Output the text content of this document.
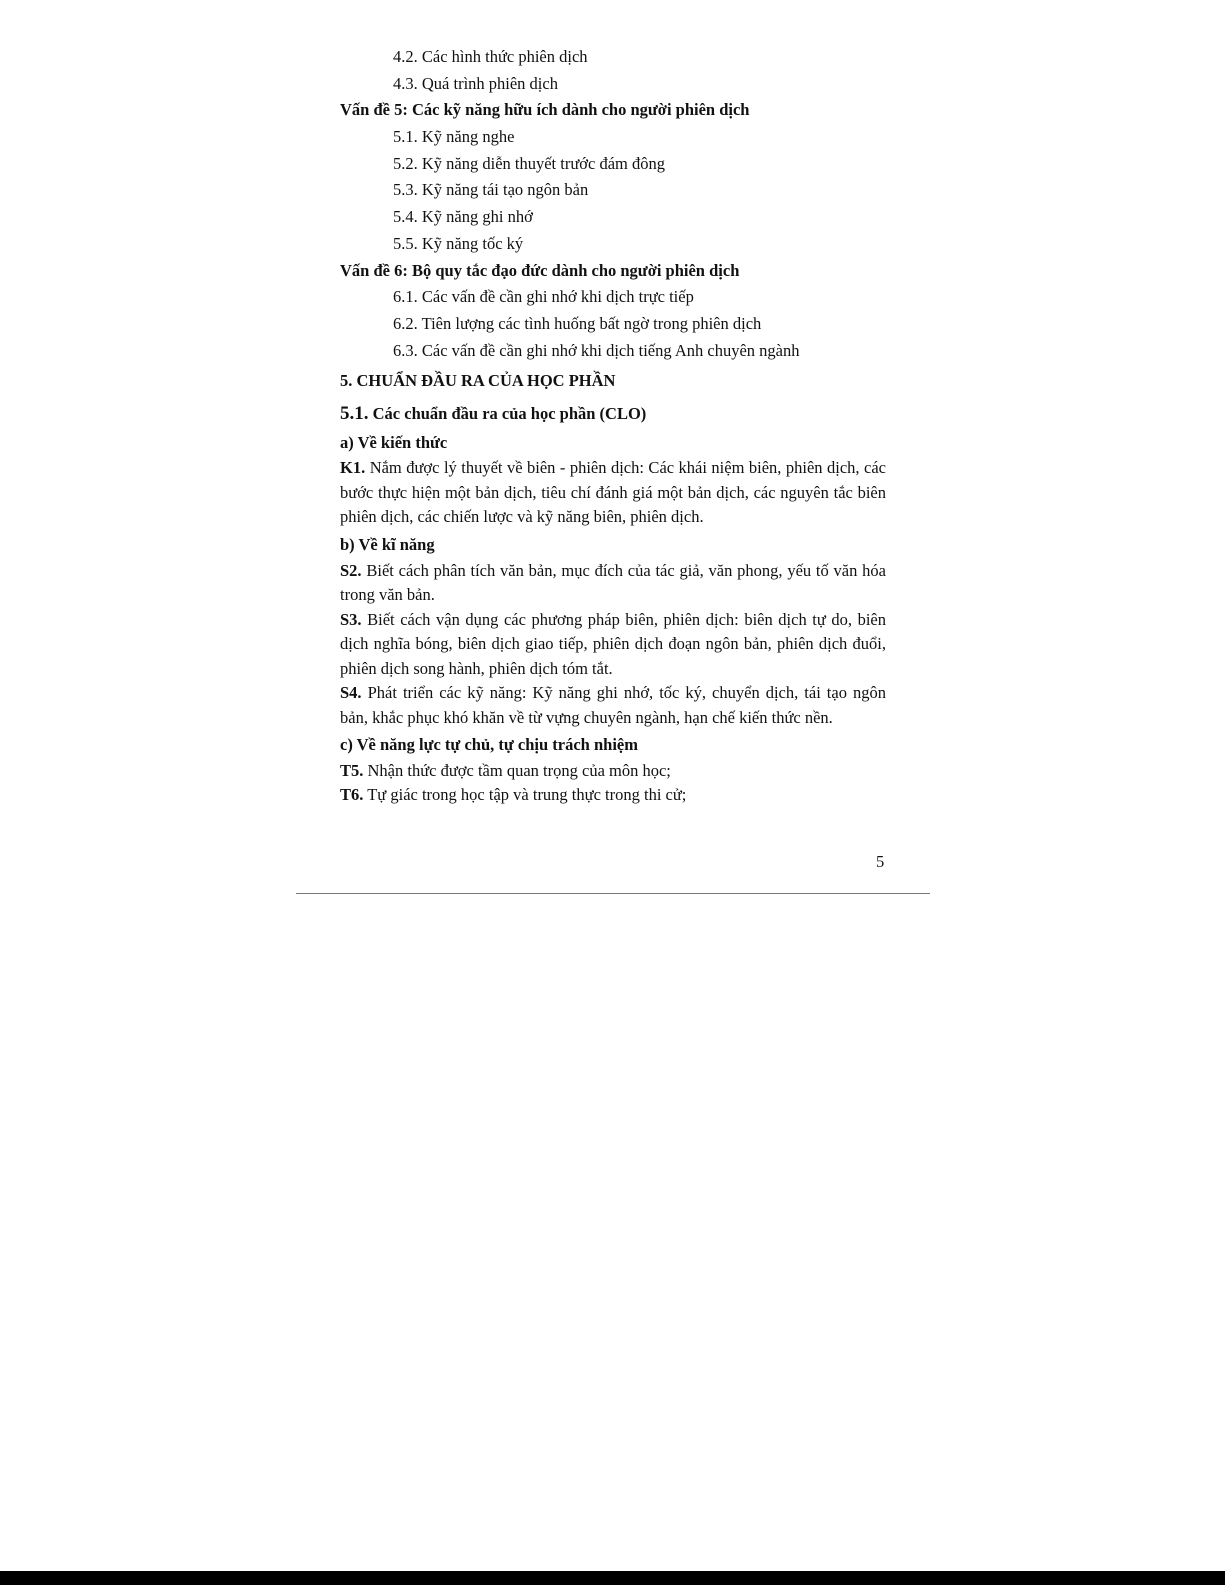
4.2. Các hình thức phiên dịch
4.3. Quá trình phiên dịch
Vấn đề 5: Các kỹ năng hữu ích dành cho người phiên dịch
5.1. Kỹ năng nghe
5.2. Kỹ năng diễn thuyết trước đám đông
5.3. Kỹ năng tái tạo ngôn bản
5.4. Kỹ năng ghi nhớ
5.5. Kỹ năng tốc ký
Vấn đề 6: Bộ quy tắc đạo đức dành cho người phiên dịch
6.1. Các vấn đề cần ghi nhớ khi dịch trực tiếp
6.2. Tiên lượng các tình huống bất ngờ trong phiên dịch
6.3. Các vấn đề cần ghi nhớ khi dịch tiếng Anh chuyên ngành
5. CHUẨN ĐẦU RA CỦA HỌC PHẦN
5.1. Các chuẩn đầu ra của học phần (CLO)
a) Về kiến thức

K1. Nắm được lý thuyết về biên - phiên dịch: Các khái niệm biên, phiên dịch, các bước thực hiện một bản dịch, tiêu chí đánh giá một bản dịch, các nguyên tắc biên phiên dịch, các chiến lược và kỹ năng biên, phiên dịch.

b) Về kĩ năng

S2. Biết cách phân tích văn bản, mục đích của tác giả, văn phong, yếu tố văn hóa trong văn bản.

S3. Biết cách vận dụng các phương pháp biên, phiên dịch: biên dịch tự do, biên dịch nghĩa bóng, biên dịch giao tiếp, phiên dịch đoạn ngôn bản, phiên dịch đuổi, phiên dịch song hành, phiên dịch tóm tắt.

S4. Phát triển các kỹ năng: Kỹ năng ghi nhớ, tốc ký, chuyển dịch, tái tạo ngôn bản, khắc phục khó khăn về từ vựng chuyên ngành, hạn chế kiến thức nền.

c) Về năng lực tự chủ, tự chịu trách nhiệm

T5. Nhận thức được tầm quan trọng của môn học;

T6. Tự giác trong học tập và trung thực trong thi cử;

5
